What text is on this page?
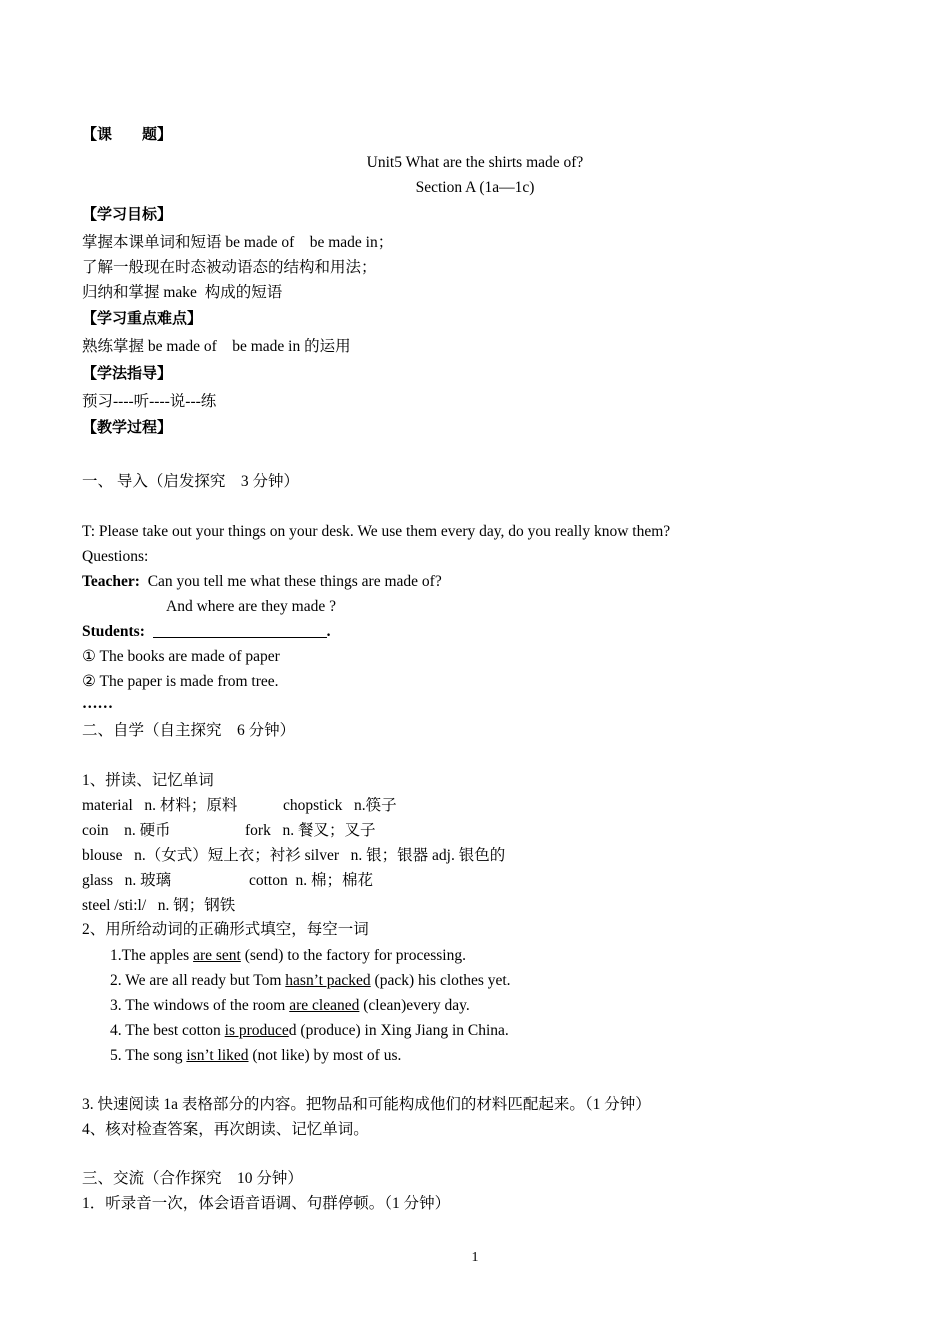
【课　　题】
Unit5 What are the shirts made of?
Section A (1a—1c)
【学习目标】
掌握本课单词和短语 be made of　be made in；
了解一般现在时态被动语态的结构和用法；
归纳和掌握 make  构成的短语
【学习重点难点】
熟练掌握 be made of　be made in 的运用
【学法指导】
预习----听----说---练
【教学过程】
一、 导入（启发探究　3 分钟）
T: Please take out your things on your desk. We use them every day, do you really know them?
Questions:
Teacher: Can you tell me what these things are made of?
And where are they made ?
Students:	.
① The books are made of paper
② The paper is made from tree.
……
二、自学（自主探究　6 分钟）
1、拼读、记忆单词
material   n. 材料；原料	chopstick   n.筷子
coin    n. 硬币	fork   n. 餐叉；叉子
blouse   n.（女式）短上衣；衬衫 silver   n. 银；银器 adj. 银色的
glass   n. 玻璃	cotton  n. 棉；棉花
steel /sti:l/   n. 钢；钢铁
2、用所给动词的正确形式填空，每空一词
1.The apples are sent (send) to the factory for processing.
2. We are all ready but Tom hasn’t packed (pack) his clothes yet.
3. The windows of the room are cleaned (clean)every day.
4. The best cotton is produced (produce) in Xing Jiang in China.
5. The song isn’t liked (not like) by most of us.
3. 快速阅读 1a 表格部分的内容。把物品和可能构成他们的材料匹配起来。（1 分钟）
4、核对检查答案，再次朗读、记忆单词。
三、交流（合作探究　10 分钟）
1．听录音一次，体会语音语调、句群停顿。（1 分钟）
1
